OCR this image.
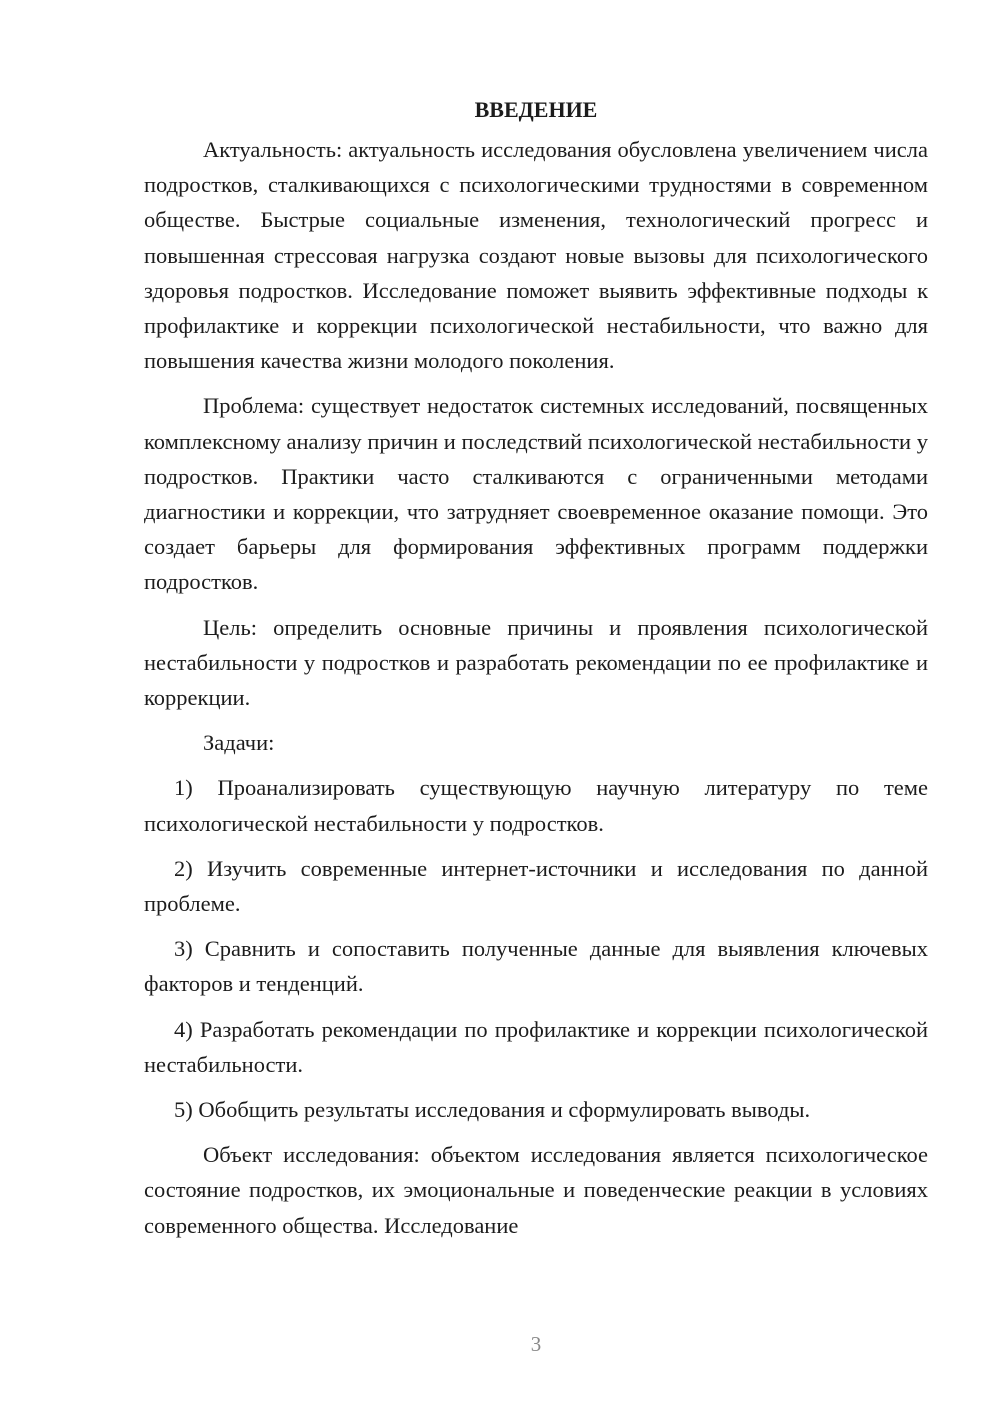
ВВЕДЕНИЕ

Актуальность: актуальность исследования обусловлена увеличением числа подростков, сталкивающихся с психологическими трудностями в современном обществе. Быстрые социальные изменения, технологический прогресс и повышенная стрессовая нагрузка создают новые вызовы для психологического здоровья подростков. Исследование поможет выявить эффективные подходы к профилактике и коррекции психологической нестабильности, что важно для повышения качества жизни молодого поколения.

Проблема: существует недостаток системных исследований, посвященных комплексному анализу причин и последствий психологической нестабильности у подростков. Практики часто сталкиваются с ограниченными методами диагностики и коррекции, что затрудняет своевременное оказание помощи. Это создает барьеры для формирования эффективных программ поддержки подростков.

Цель: определить основные причины и проявления психологической нестабильности у подростков и разработать рекомендации по ее профилактике и коррекции.

Задачи:

1) Проанализировать существующую научную литературу по теме психологической нестабильности у подростков.

2) Изучить современные интернет-источники и исследования по данной проблеме.

3) Сравнить и сопоставить полученные данные для выявления ключевых факторов и тенденций.

4) Разработать рекомендации по профилактике и коррекции психологической нестабильности.

5) Обобщить результаты исследования и сформулировать выводы.

Объект исследования: объектом исследования является психологическое состояние подростков, их эмоциональные и поведенческие реакции в условиях современного общества. Исследование

3
